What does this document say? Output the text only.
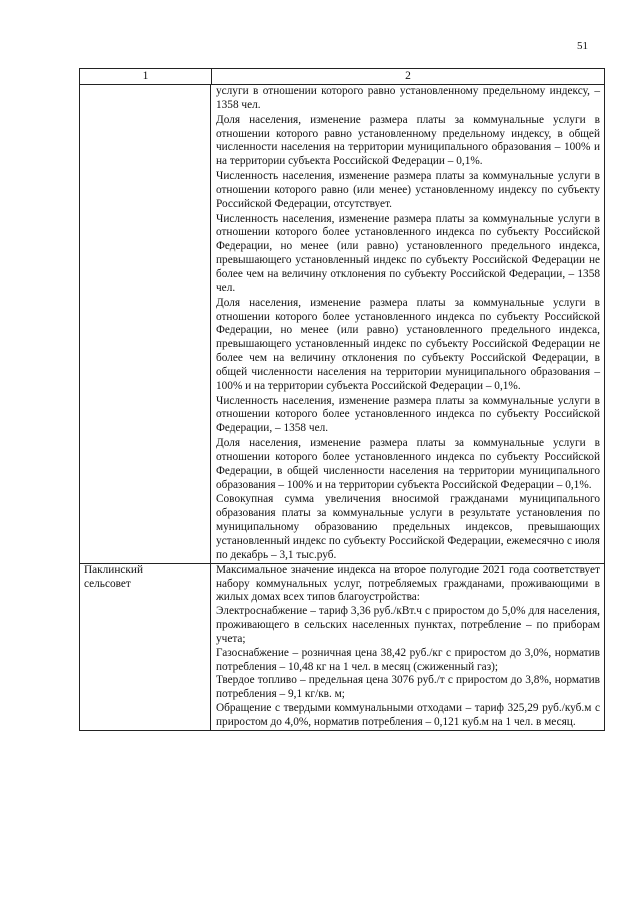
51
1	2

услуги в отношении которого равно установленному предельному индексу, – 1358 чел.

Доля населения, изменение размера платы за коммунальные услуги в отношении которого равно установленному предельному индексу, в общей численности населения на территории муниципального образования – 100% и на территории субъекта Российской Федерации – 0,1%.

Численность населения, изменение размера платы за коммунальные услуги в отношении которого равно (или менее) установленному индексу по субъекту Российской Федерации, отсутствует.

Численность населения, изменение размера платы за коммунальные услуги в отношении которого более установленного индекса по субъекту Российской Федерации, но менее (или равно) установленного предельного индекса, превышающего установленный индекс по субъекту Российской Федерации не более чем на величину отклонения по субъекту Российской Федерации, – 1358 чел.

Доля населения, изменение размера платы за коммунальные услуги в отношении которого более установленного индекса по субъекту Российской Федерации, но менее (или равно) установленного предельного индекса, превышающего установленный индекс по субъекту Российской Федерации не более чем на величину отклонения по субъекту Российской Федерации, в общей численности населения на территории муниципального образования – 100% и на территории субъекта Российской Федерации – 0,1%.

Численность населения, изменение размера платы за коммунальные услуги в отношении которого более установленного индекса по субъекту Российской Федерации, – 1358 чел.

Доля населения, изменение размера платы за коммунальные услуги в отношении которого более установленного индекса по субъекту Российской Федерации, в общей численности населения на территории муниципального образования – 100% и на территории субъекта Российской Федерации – 0,1%.

Совокупная сумма увеличения вносимой гражданами муниципального образования платы за коммунальные услуги в результате установления по муниципальному образованию предельных индексов, превышающих установленный индекс по субъекту Российской Федерации, ежемесячно с июля по декабрь – 3,1 тыс.руб.

Паклинский
сельсовет

Максимальное значение индекса на второе полугодие 2021 года соответствует набору коммунальных услуг, потребляемых гражданами, проживающими в жилых домах всех типов благоустройства:

Электроснабжение – тариф 3,36 руб./кВт.ч с приростом до 5,0% для населения, проживающего в сельских населенных пунктах, потребление – по приборам учета;

Газоснабжение – розничная цена 38,42 руб./кг с приростом до 3,0%, норматив потребления – 10,48 кг на 1 чел. в месяц (сжиженный газ);

Твердое топливо – предельная цена 3076 руб./т с приростом до 3,8%, норматив потребления – 9,1 кг/кв. м;

Обращение с твердыми коммунальными отходами – тариф 325,29 руб./куб.м с приростом до 4,0%, норматив потребления – 0,121 куб.м на 1 чел. в месяц.
